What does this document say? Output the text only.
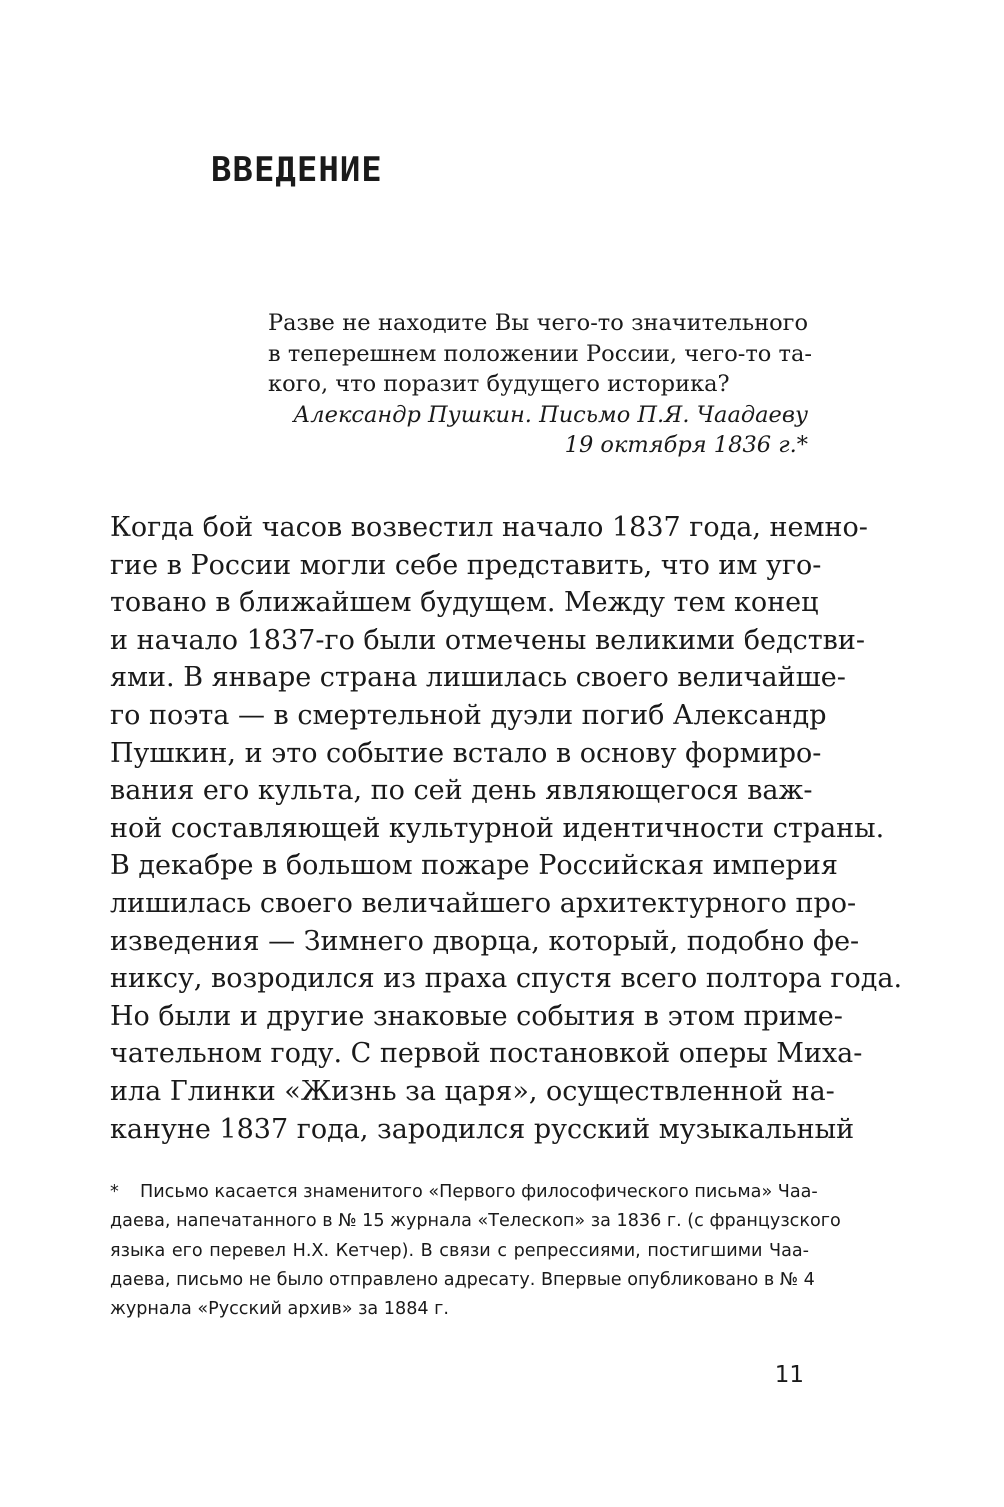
ВВЕДЕНИЕ
Разве не находите Вы чего-то значительного
в теперешнем положении России, чего-то та-
кого, что поразит будущего историка?
Александр Пушкин. Письмо П.Я. Чаадаеву
19 октября 1836 г.*
Когда бой часов возвестил начало 1837 года, немно-
гие в России могли себе представить, что им уго-
товано в ближайшем будущем. Между тем конец
и начало 1837-го были отмечены великими бедстви-
ями. В январе страна лишилась своего величайше-
го поэта — в смертельной дуэли погиб Александр
Пушкин, и это событие встало в основу формиро-
вания его культа, по сей день являющегося важ-
ной составляющей культурной идентичности страны.
В декабре в большом пожаре Российская империя
лишилась своего величайшего архитектурного про-
изведения — Зимнего дворца, который, подобно фе-
никсу, возродился из праха спустя всего полтора года.
Но были и другие знаковые события в этом приме-
чательном году. С первой постановкой оперы Миха-
ила Глинки «Жизнь за царя», осуществленной на-
кануне 1837 года, зародился русский музыкальный
* Письмо касается знаменитого «Первого философического письма» Чаа-
даева, напечатанного в № 15 журнала «Телескоп» за 1836 г. (с французского
языка его перевел Н.Х. Кетчер). В связи с репрессиями, постигшими Чаа-
даева, письмо не было отправлено адресату. Впервые опубликовано в № 4
журнала «Русский архив» за 1884 г.
11
